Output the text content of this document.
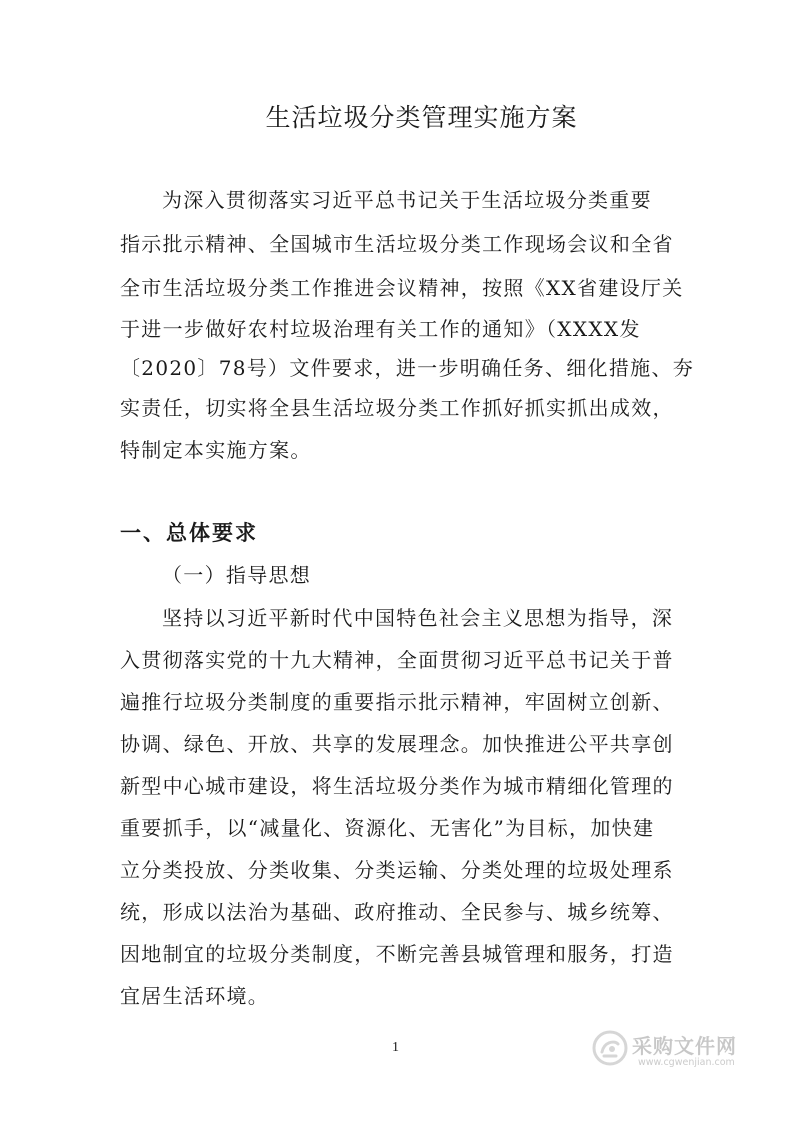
生活垃圾分类管理实施方案
为深入贯彻落实习近平总书记关于生活垃圾分类重要
指示批示精神、全国城市生活垃圾分类工作现场会议和全省
全市生活垃圾分类工作推进会议精神，按照《XX省建设厅关
于进一步做好农村垃圾治理有关工作的通知》（XXXX发
〔2020〕78号）文件要求，进一步明确任务、细化措施、夯
实责任，切实将全县生活垃圾分类工作抓好抓实抓出成效，
特制定本实施方案。
一、总体要求
（一）指导思想
坚持以习近平新时代中国特色社会主义思想为指导，深
入贯彻落实党的十九大精神，全面贯彻习近平总书记关于普
遍推行垃圾分类制度的重要指示批示精神，牢固树立创新、
协调、绿色、开放、共享的发展理念。加快推进公平共享创
新型中心城市建设，将生活垃圾分类作为城市精细化管理的
重要抓手，以“减量化、资源化、无害化”为目标，加快建
立分类投放、分类收集、分类运输、分类处理的垃圾处理系
统，形成以法治为基础、政府推动、全民参与、城乡统筹、
因地制宜的垃圾分类制度，不断完善县城管理和服务，打造
宜居生活环境。
1	采购文件网
www.cgwenjian.com
